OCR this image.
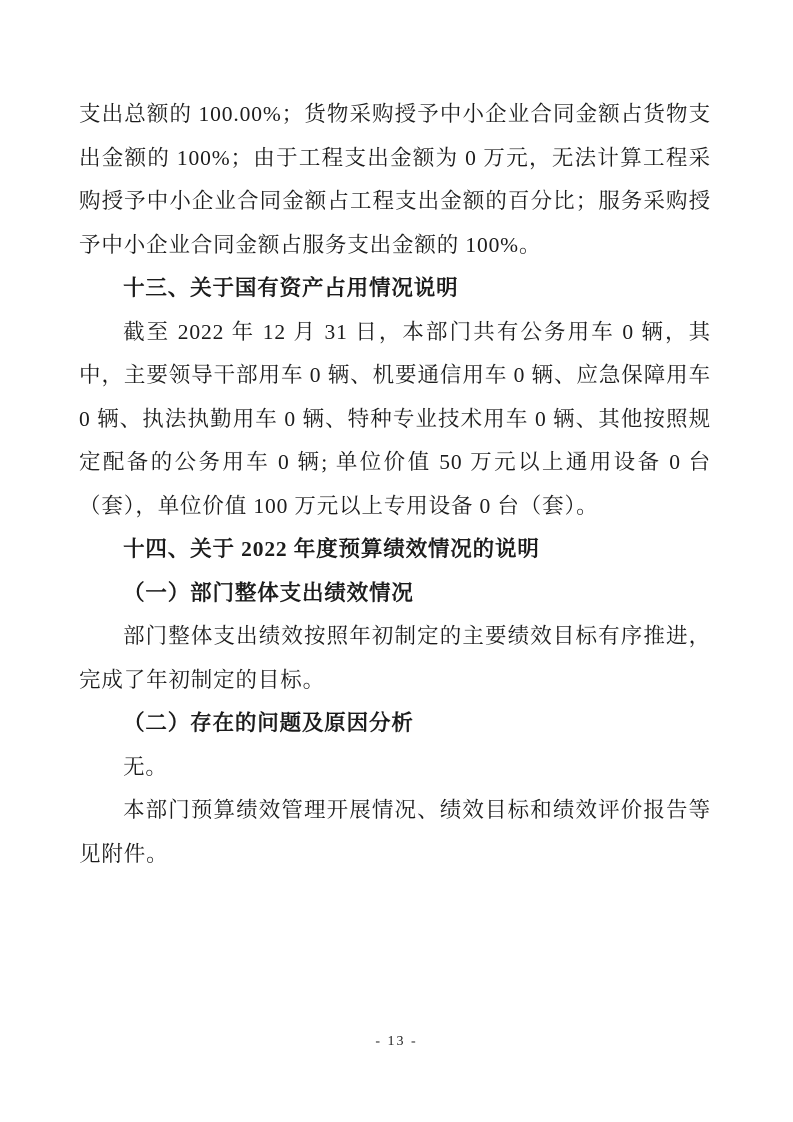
支出总额的 100.00%；货物采购授予中小企业合同金额占货物支出金额的 100%；由于工程支出金额为 0 万元，无法计算工程采购授予中小企业合同金额占工程支出金额的百分比；服务采购授予中小企业合同金额占服务支出金额的 100%。

十三、关于国有资产占用情况说明

截至 2022 年 12 月 31 日，本部门共有公务用车 0 辆，其中，主要领导干部用车 0 辆、机要通信用车 0 辆、应急保障用车 0 辆、执法执勤用车 0 辆、特种专业技术用车 0 辆、其他按照规定配备的公务用车 0 辆; 单位价值 50 万元以上通用设备 0 台（套），单位价值 100 万元以上专用设备 0 台（套）。

十四、关于 2022 年度预算绩效情况的说明

（一）部门整体支出绩效情况

部门整体支出绩效按照年初制定的主要绩效目标有序推进，完成了年初制定的目标。

（二）存在的问题及原因分析

无。

本部门预算绩效管理开展情况、绩效目标和绩效评价报告等见附件。

- 13 -
